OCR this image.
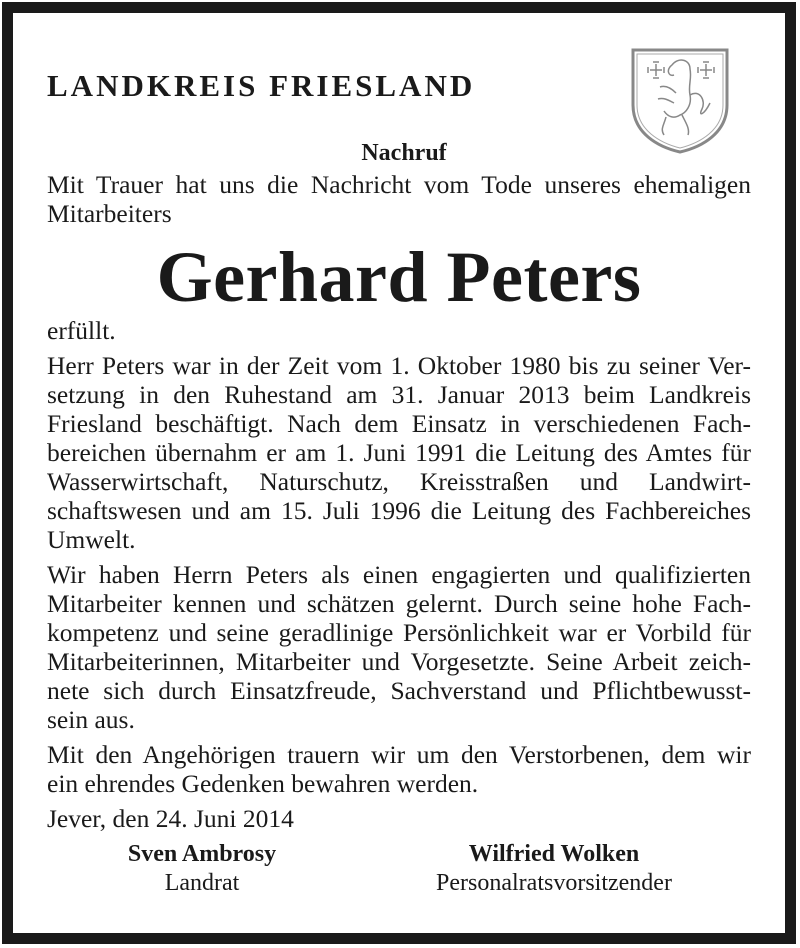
LANDKREIS FRIESLAND
Nachruf
Mit Trauer hat uns die Nachricht vom Tode unseres ehemaligen
Mitarbeiters
Gerhard Peters
erfüllt.
Herr Peters war in der Zeit vom 1. Oktober 1980 bis zu seiner Ver-
setzung in den Ruhestand am 31. Januar 2013 beim Landkreis
Friesland beschäftigt. Nach dem Einsatz in verschiedenen Fach-
bereichen übernahm er am 1. Juni 1991 die Leitung des Amtes für
Wasserwirtschaft, Naturschutz, Kreisstraßen und Landwirt-
schaftswesen und am 15. Juli 1996 die Leitung des Fachbereiches
Umwelt.
Wir haben Herrn Peters als einen engagierten und qualifizierten
Mitarbeiter kennen und schätzen gelernt. Durch seine hohe Fach-
kompetenz und seine geradlinige Persönlichkeit war er Vorbild für
Mitarbeiterinnen, Mitarbeiter und Vorgesetzte. Seine Arbeit zeich-
nete sich durch Einsatzfreude, Sachverstand und Pflichtbewusst-
sein aus.
Mit den Angehörigen trauern wir um den Verstorbenen, dem wir
ein ehrendes Gedenken bewahren werden.
Jever, den 24. Juni 2014
Sven Ambrosy
Landrat
Wilfried Wolken
Personalratsvorsitzender
